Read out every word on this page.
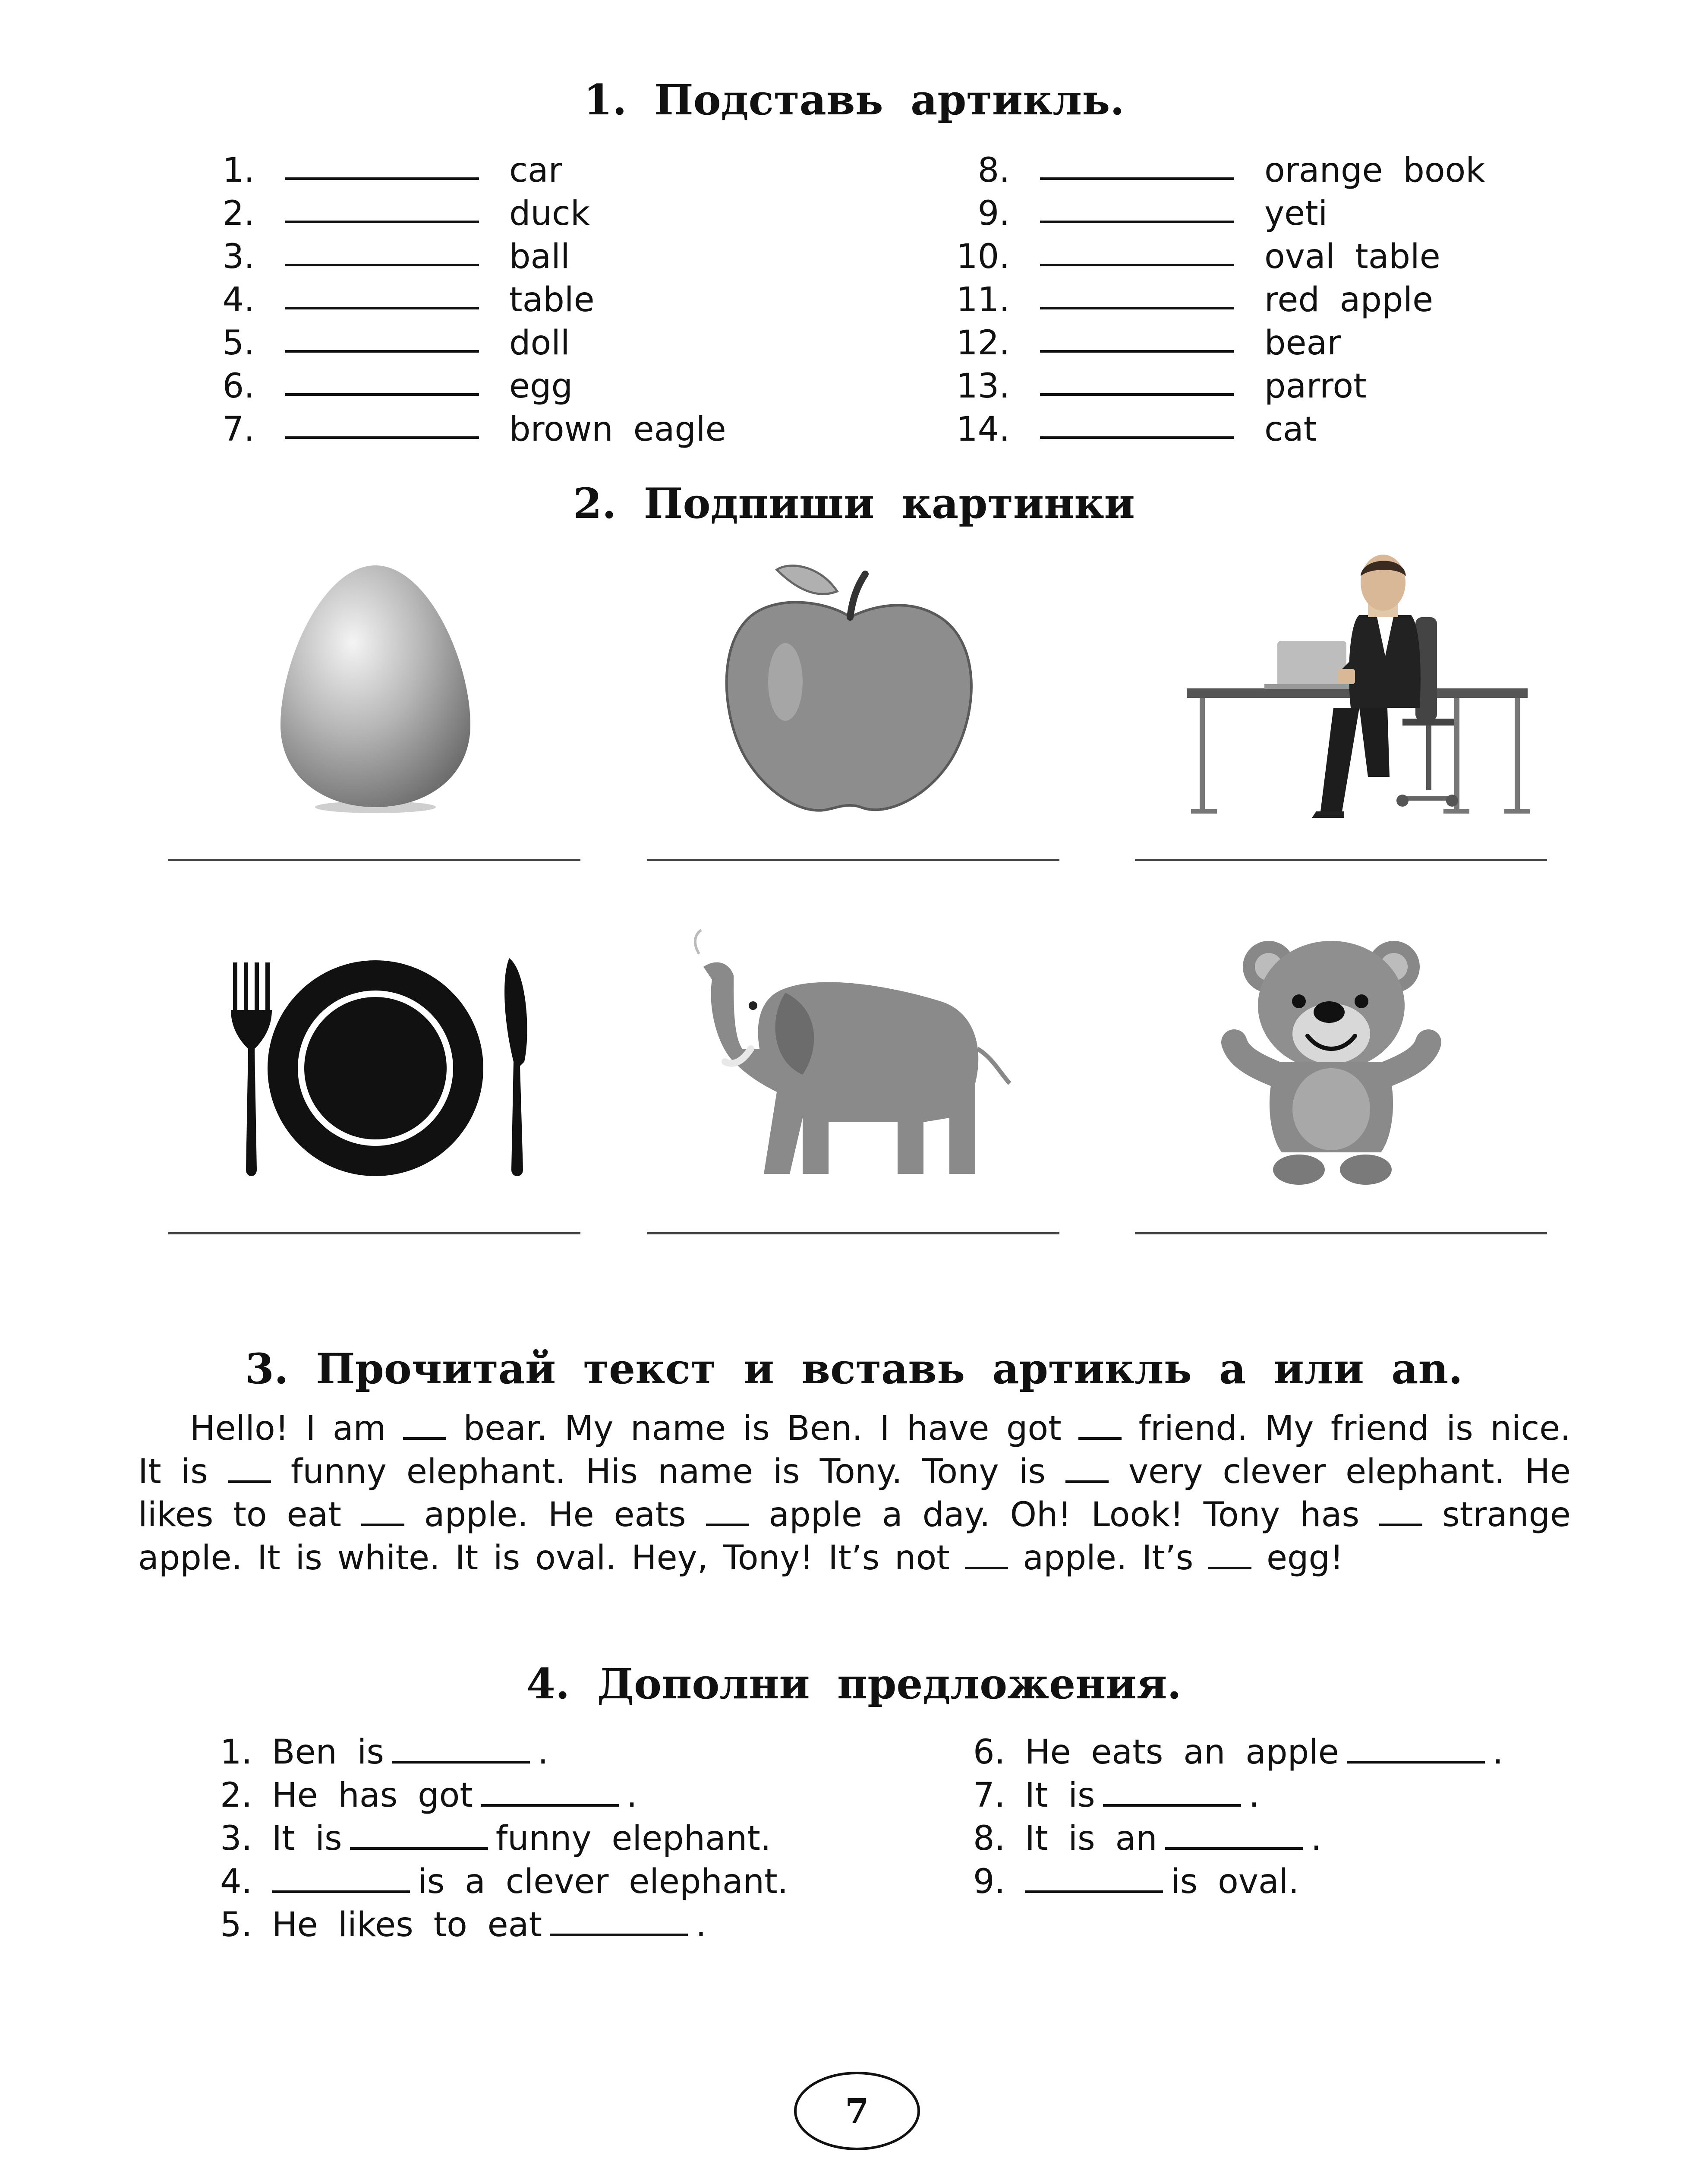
1. Подставь артикль.
1.	car
2.	duck
3.	ball
4.	table
5.	doll
6.	egg
7.	brown eagle
8.	orange book
9.	yeti
10.	oval table
11.	red apple
12.	bear
13.	parrot
14.	cat
2. Подпиши картинки
3. Прочитай текст и вставь артикль a или an.
Hello! I am  bear. My name is Ben. I have got  friend. My friend is nice. It is  funny elephant. His name is Tony. Tony is  very clever elephant. He likes to eat  apple. He eats  apple a day. Oh! Look! Tony has  strange apple. It is white. It is oval. Hey, Tony! It’s not  apple. It’s  egg!
4. Дополни предложения.
1. Ben is	.
2. He has got	.
3. It is	funny elephant.
4.	is a clever elephant.
5. He likes to eat	.
6. He eats an apple	.
7. It is	.
8. It is an	.
9.	is oval.
7
